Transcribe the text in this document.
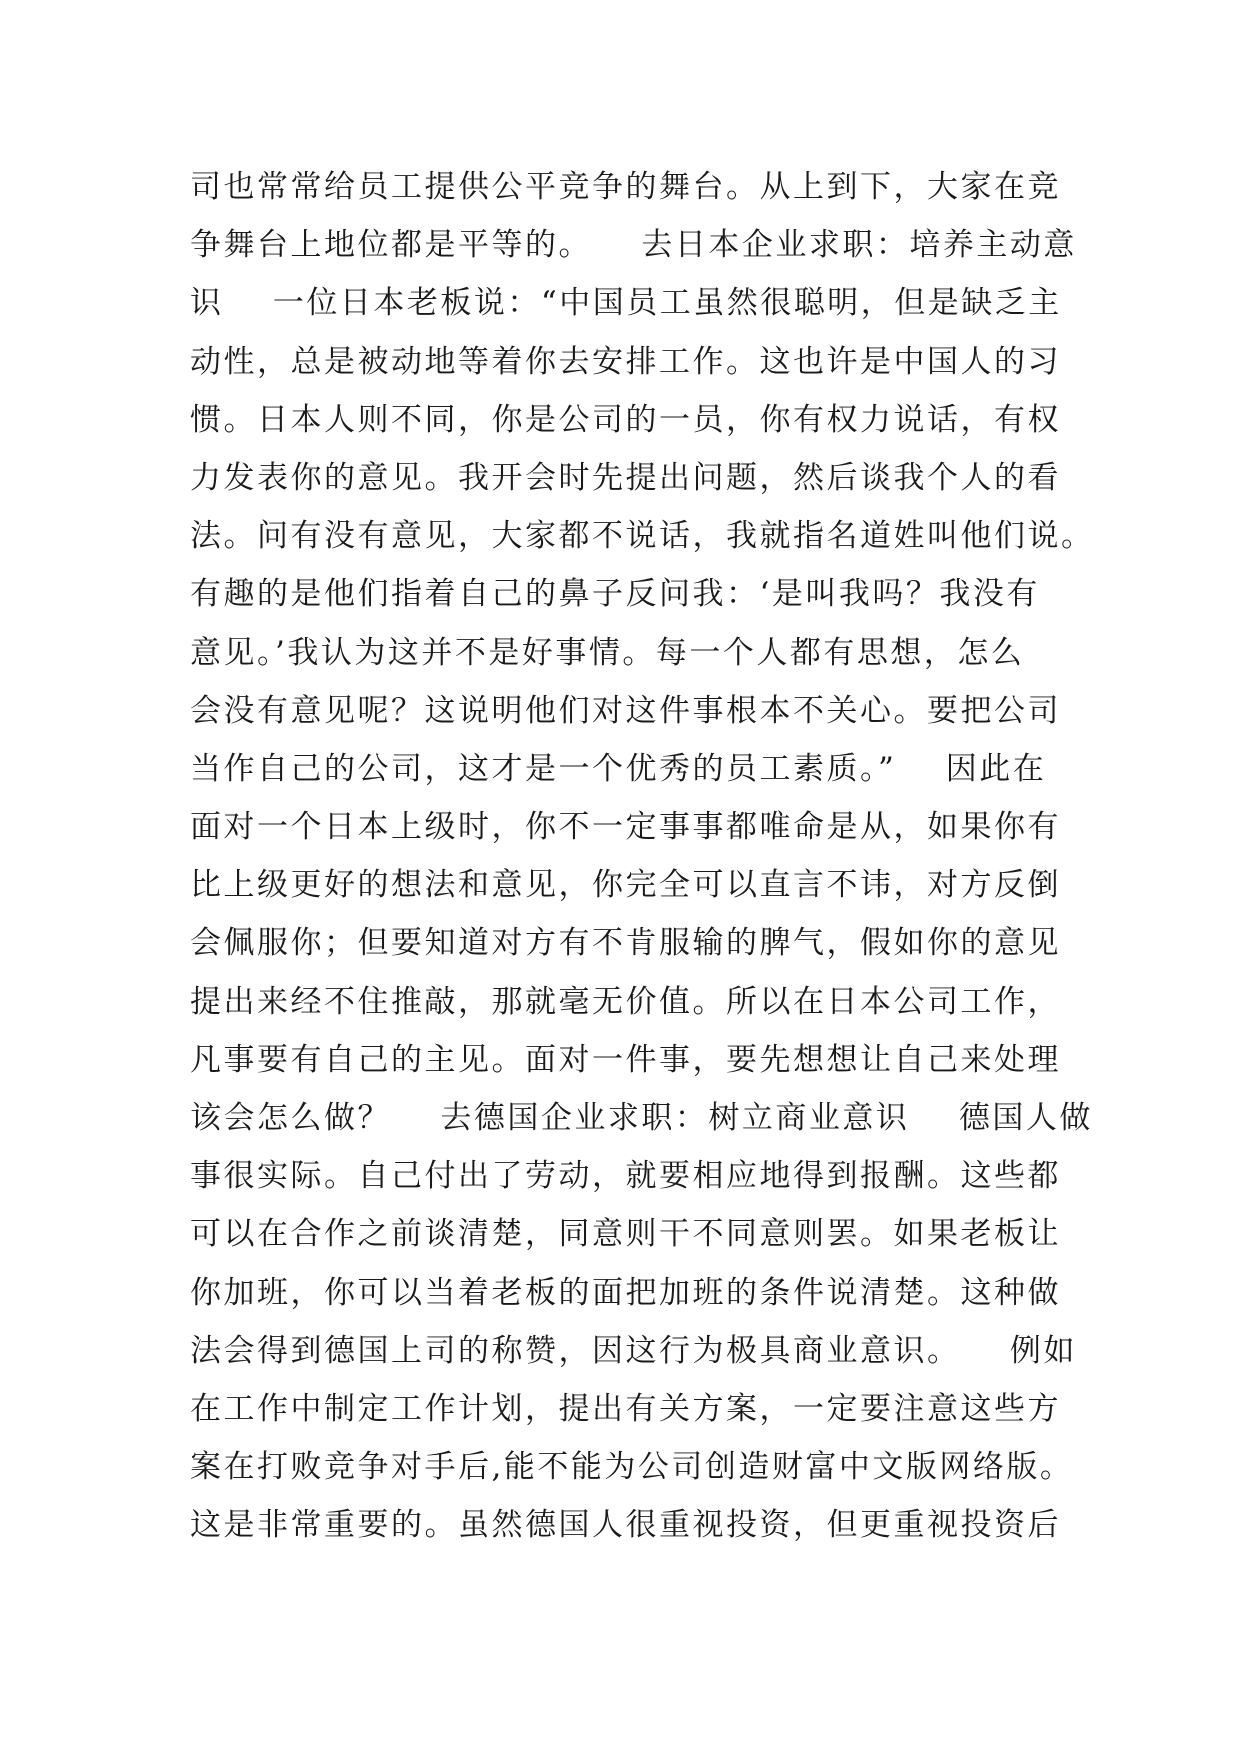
司也常常给员工提供公平竞争的舞台。从上到下，大家在竞
争舞台上地位都是平等的。    去日本企业求职：培养主动意
识    一位日本老板说：“中国员工虽然很聪明，但是缺乏主
动性，总是被动地等着你去安排工作。这也许是中国人的习
惯。日本人则不同，你是公司的一员，你有权力说话，有权
力发表你的意见。我开会时先提出问题，然后谈我个人的看
法。问有没有意见，大家都不说话，我就指名道姓叫他们说。
有趣的是他们指着自己的鼻子反问我：‘是叫我吗？我没有
意见。’我认为这并不是好事情。每一个人都有思想，怎么
会没有意见呢？这说明他们对这件事根本不关心。要把公司
当作自己的公司，这才是一个优秀的员工素质。”    因此在
面对一个日本上级时，你不一定事事都唯命是从，如果你有
比上级更好的想法和意见，你完全可以直言不讳，对方反倒
会佩服你；但要知道对方有不肯服输的脾气，假如你的意见
提出来经不住推敲，那就毫无价值。所以在日本公司工作，
凡事要有自己的主见。面对一件事，要先想想让自己来处理
该会怎么做？    去德国企业求职：树立商业意识    德国人做
事很实际。自己付出了劳动，就要相应地得到报酬。这些都
可以在合作之前谈清楚，同意则干不同意则罢。如果老板让
你加班，你可以当着老板的面把加班的条件说清楚。这种做
法会得到德国上司的称赞，因这行为极具商业意识。    例如
在工作中制定工作计划，提出有关方案，一定要注意这些方
案在打败竞争对手后,能不能为公司创造财富中文版网络版。
这是非常重要的。虽然德国人很重视投资，但更重视投资后
